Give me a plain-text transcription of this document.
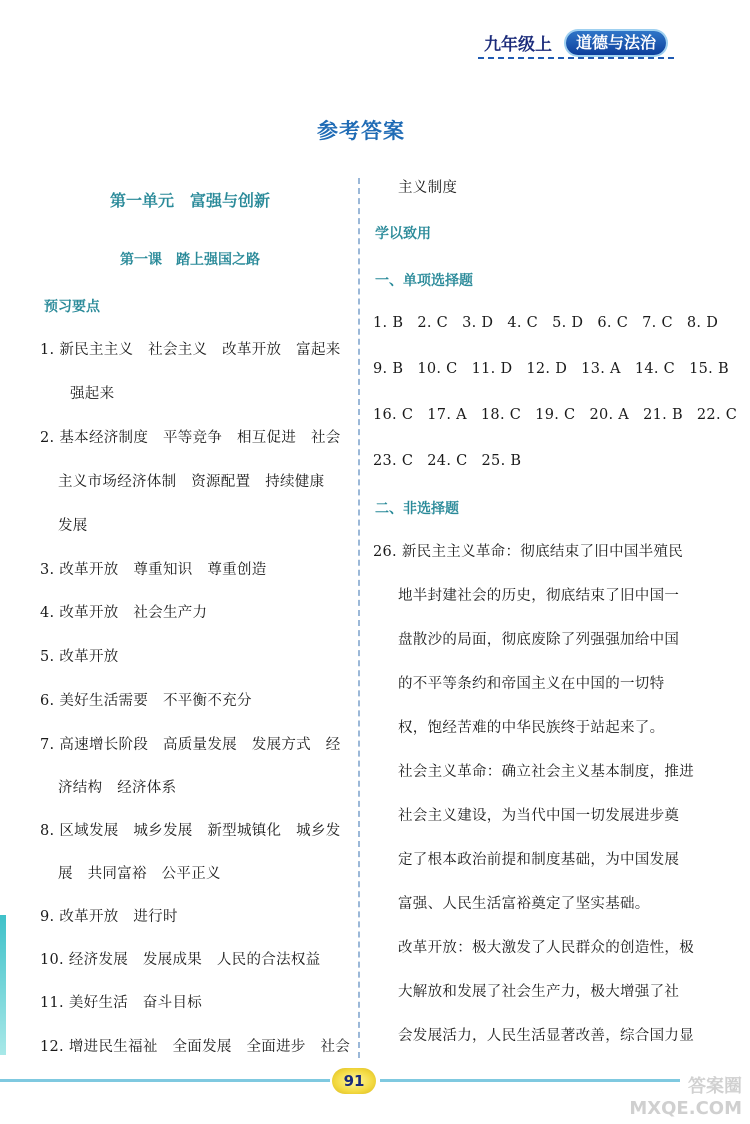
九年级上	道德与法治
参考答案
第一单元　富强与创新
第一课　踏上强国之路
预习要点
1. 新民主主义　社会主义　改革开放　富起来
强起来
2. 基本经济制度　平等竞争　相互促进　社会
主义市场经济体制　资源配置　持续健康
发展
3. 改革开放　尊重知识　尊重创造
4. 改革开放　社会生产力
5. 改革开放
6. 美好生活需要　不平衡不充分
7. 高速增长阶段　高质量发展　发展方式　经
济结构　经济体系
8. 区域发展　城乡发展　新型城镇化　城乡发
展　共同富裕　公平正义
9. 改革开放　进行时
10. 经济发展　发展成果　人民的合法权益
11. 美好生活　奋斗目标
12. 增进民生福祉　全面发展　全面进步　社会
主义制度
学以致用
一、单项选择题
1. B 2. C 3. D 4. C 5. D 6. C 7. C 8. D
9. B 10. C 11. D 12. D 13. A 14. C 15. B
16. C 17. A 18. C 19. C 20. A 21. B 22. C
23. C 24. C 25. B
二、非选择题
26. 新民主主义革命：彻底结束了旧中国半殖民
地半封建社会的历史，彻底结束了旧中国一
盘散沙的局面，彻底废除了列强强加给中国
的不平等条约和帝国主义在中国的一切特
权，饱经苦难的中华民族终于站起来了。
社会主义革命：确立社会主义基本制度，推进
社会主义建设，为当代中国一切发展进步奠
定了根本政治前提和制度基础，为中国发展
富强、人民生活富裕奠定了坚实基础。
改革开放：极大激发了人民群众的创造性，极
大解放和发展了社会生产力，极大增强了社
会发展活力，人民生活显著改善，综合国力显
91	答案圈
MXQE.COM
